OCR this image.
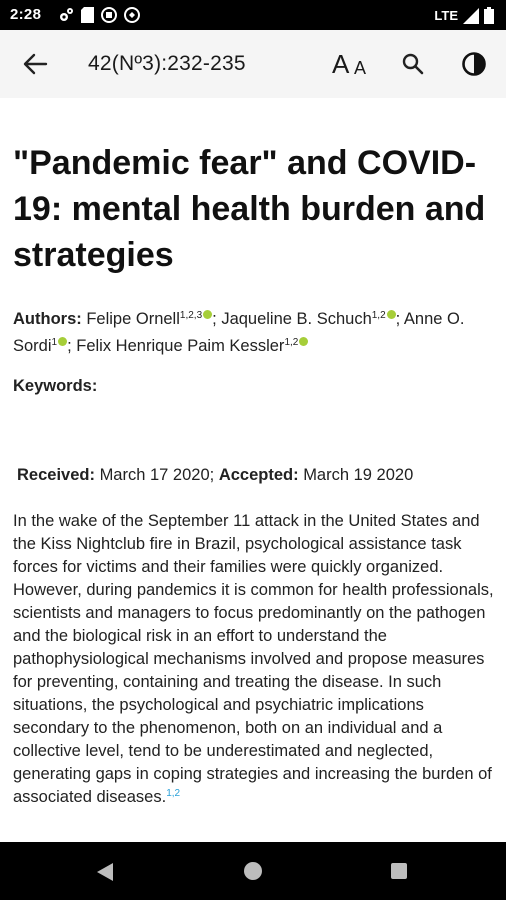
2:28	LTE
42(Nº3):232-235	A A
"Pandemic fear" and COVID-19: mental health burden and strategies
Authors: Felipe Ornell$^{1,2,3}$ ; Jaqueline B. Schuch$^{1,2}$ ; Anne O. Sordi$^1$ ; Felix Henrique Paim Kessler$^{1,2}$
Keywords:
Received: March 17 2020; Accepted: March 19 2020
In the wake of the September 11 attack in the United States and the Kiss Nightclub fire in Brazil, psychological assistance task forces for victims and their families were quickly organized. However, during pandemics it is common for health professionals, scientists and managers to focus predominantly on the pathogen and the biological risk in an effort to understand the pathophysiological mechanisms involved and propose measures for preventing, containing and treating the disease. In such situations, the psychological and psychiatric implications secondary to the phenomenon, both on an individual and a collective level, tend to be underestimated and neglected, generating gaps in coping strategies and increasing the burden of associated diseases.$^{1,2}$
